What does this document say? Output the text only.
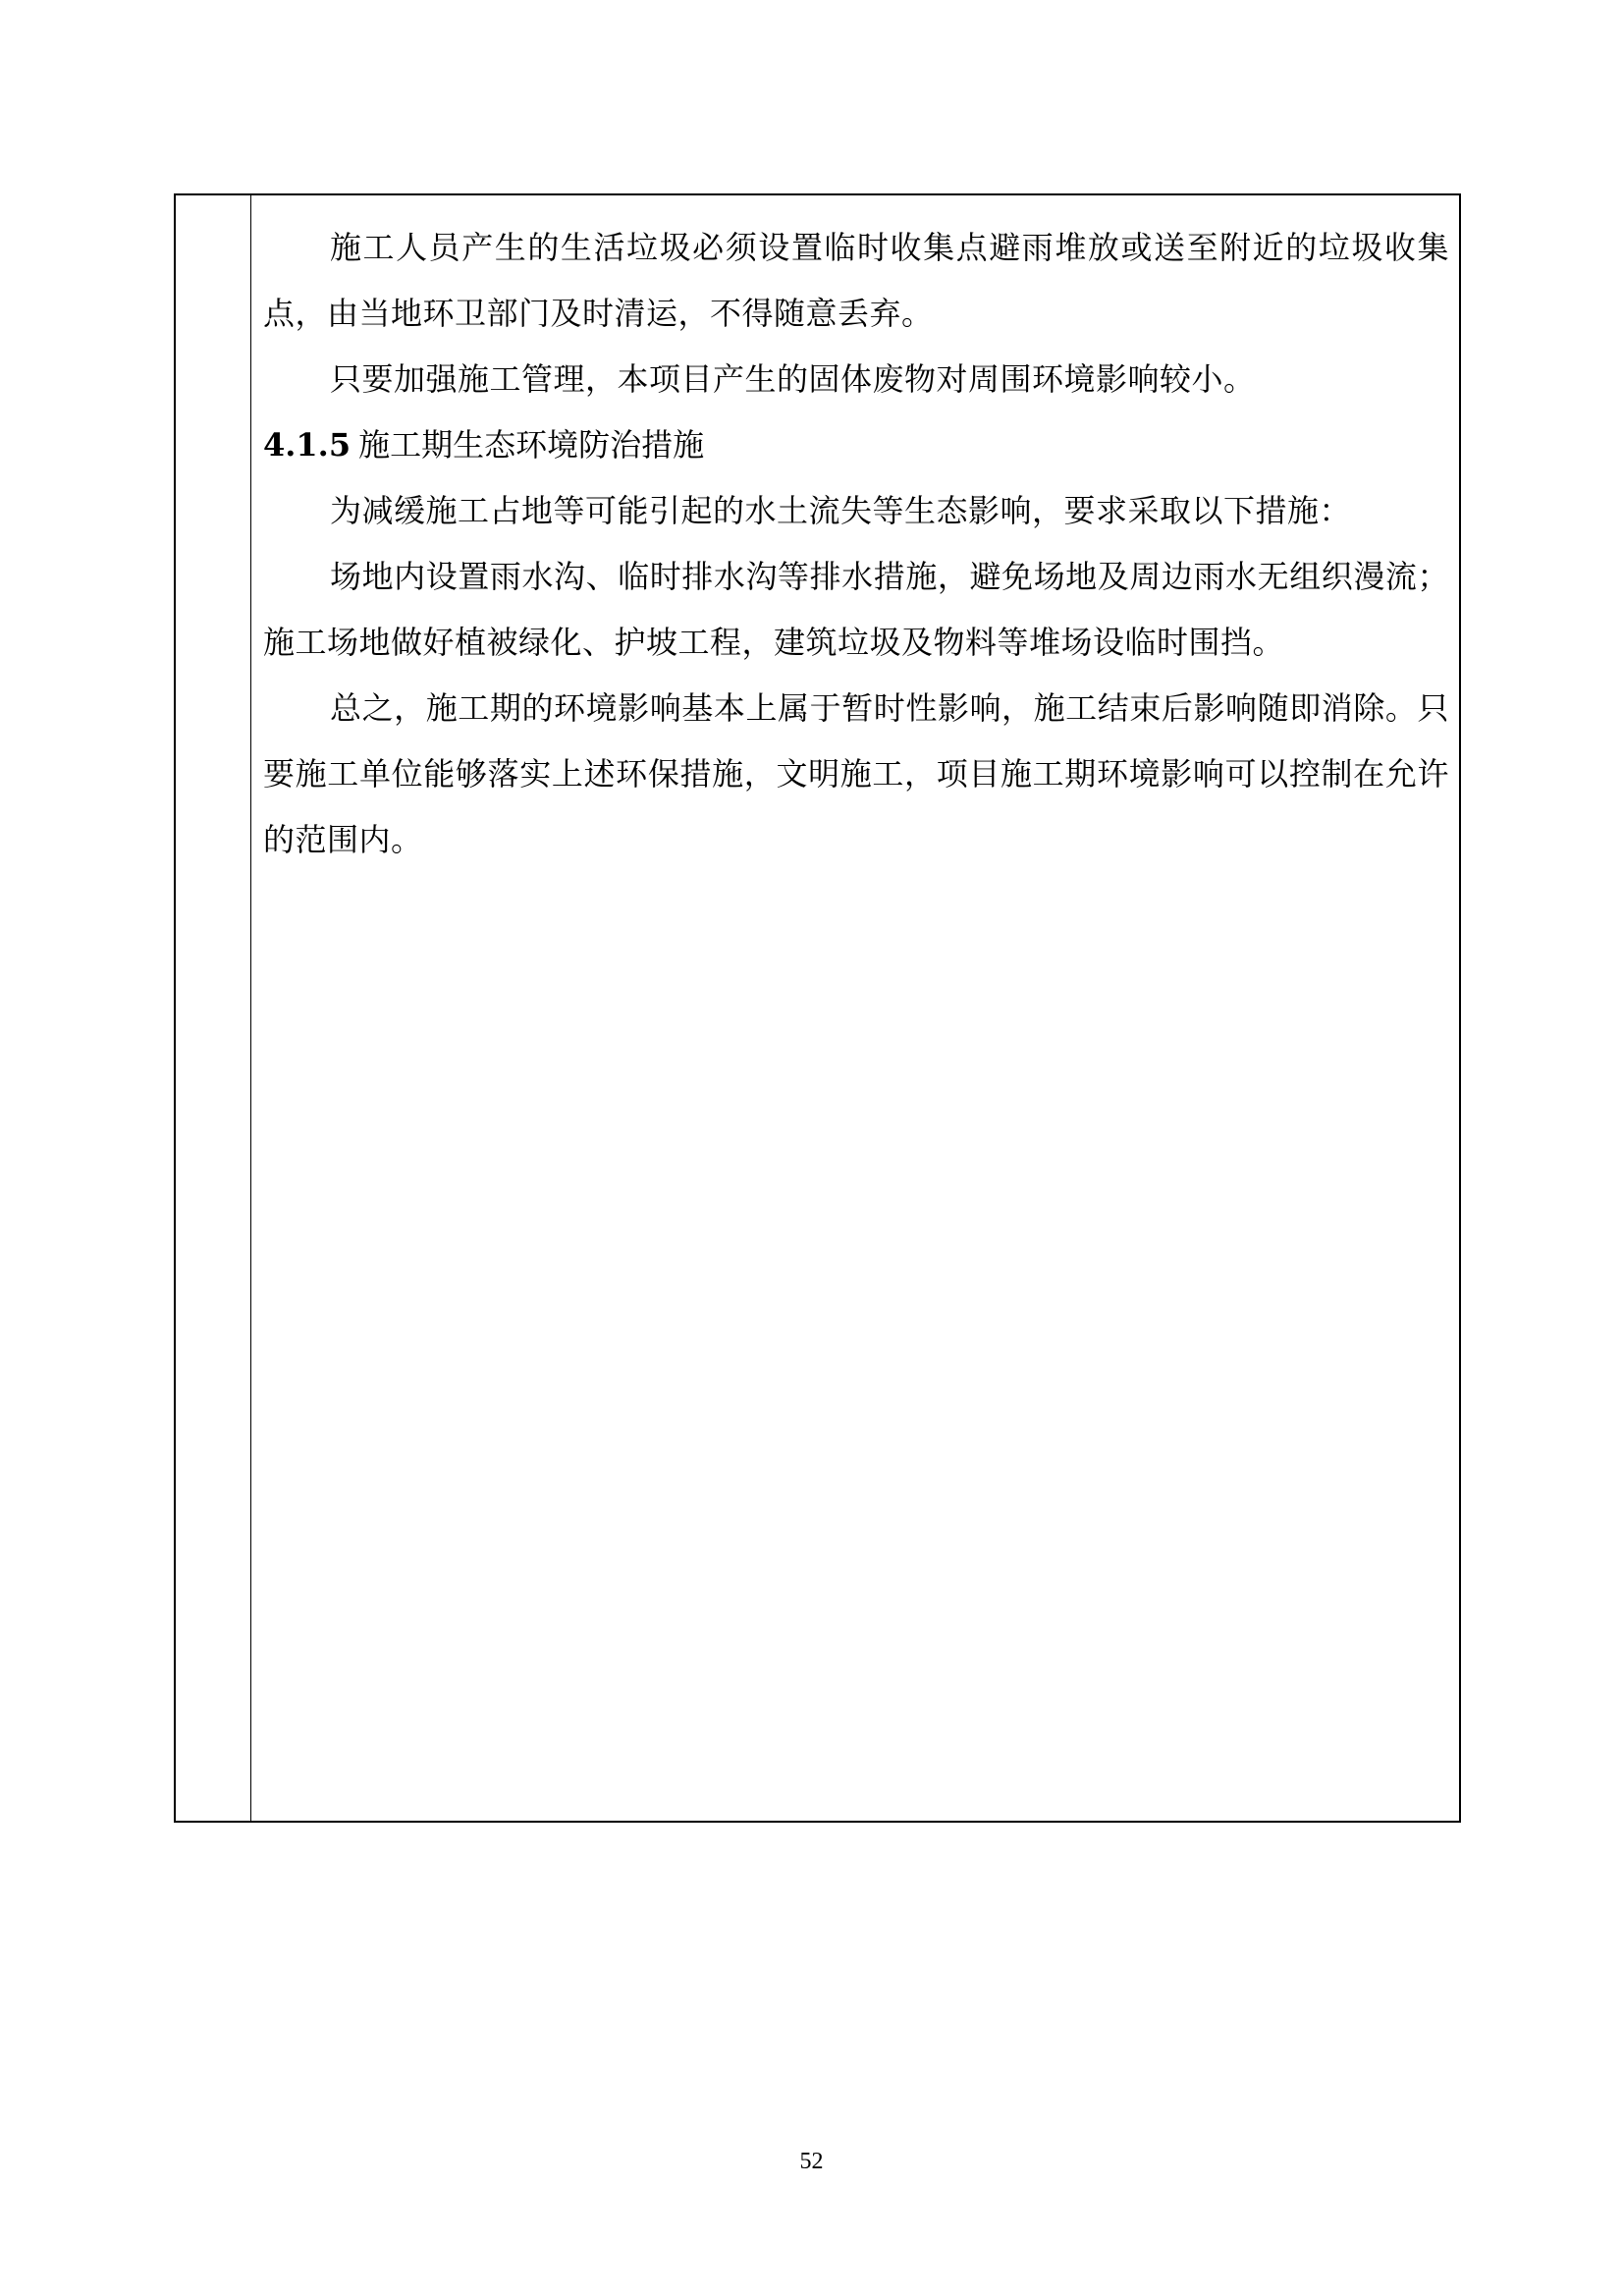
施工人员产生的生活垃圾必须设置临时收集点避雨堆放或送至附近的垃圾收集点，由当地环卫部门及时清运，不得随意丢弃。

只要加强施工管理，本项目产生的固体废物对周围环境影响较小。

4.1.5 施工期生态环境防治措施

为减缓施工占地等可能引起的水土流失等生态影响，要求采取以下措施：

场地内设置雨水沟、临时排水沟等排水措施，避免场地及周边雨水无组织漫流；施工场地做好植被绿化、护坡工程，建筑垃圾及物料等堆场设临时围挡。

总之，施工期的环境影响基本上属于暂时性影响，施工结束后影响随即消除。只要施工单位能够落实上述环保措施，文明施工，项目施工期环境影响可以控制在允许的范围内。

52
